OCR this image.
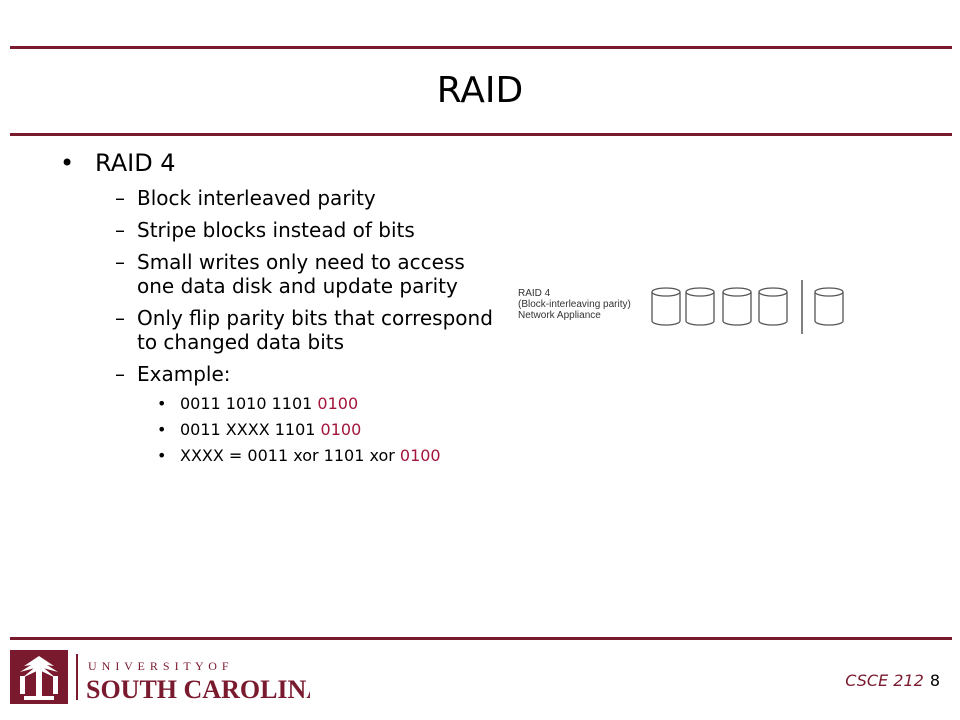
RAID
• RAID 4
– Block interleaved parity
– Stripe blocks instead of bits
– Small writes only need to access one data disk and update parity
– Only flip parity bits that correspond to changed data bits
– Example:
• 0011 1010 1101 0100
• 0011 XXXX 1101 0100
• XXXX = 0011 xor 1101 xor 0100
RAID 4
(Block-interleaving parity)
Network Appliance
U N I V E R S I T Y O F
SOUTH CAROLINA.	CSCE 212 8
